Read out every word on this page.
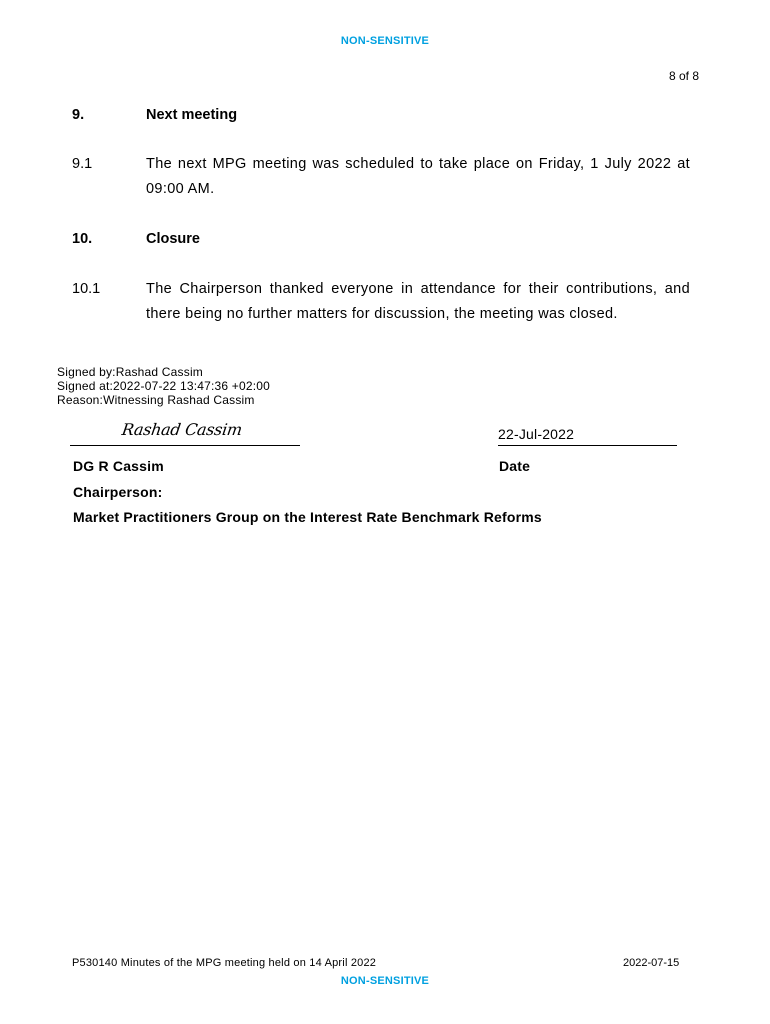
NON-SENSITIVE
8 of 8
9.	Next meeting
9.1	The next MPG meeting was scheduled to take place on Friday, 1 July 2022 at 09:00 AM.
10.	Closure
10.1	The Chairperson thanked everyone in attendance for their contributions, and there being no further matters for discussion, the meeting was closed.
Signed by:Rashad Cassim
Signed at:2022-07-22 13:47:36 +02:00
Reason:Witnessing Rashad Cassim
Rashad Cassim	22-Jul-2022
DG R Cassim	Date
Chairperson:
Market Practitioners Group on the Interest Rate Benchmark Reforms
P530140 Minutes of the MPG meeting held on 14 April 2022	2022-07-15
NON-SENSITIVE
